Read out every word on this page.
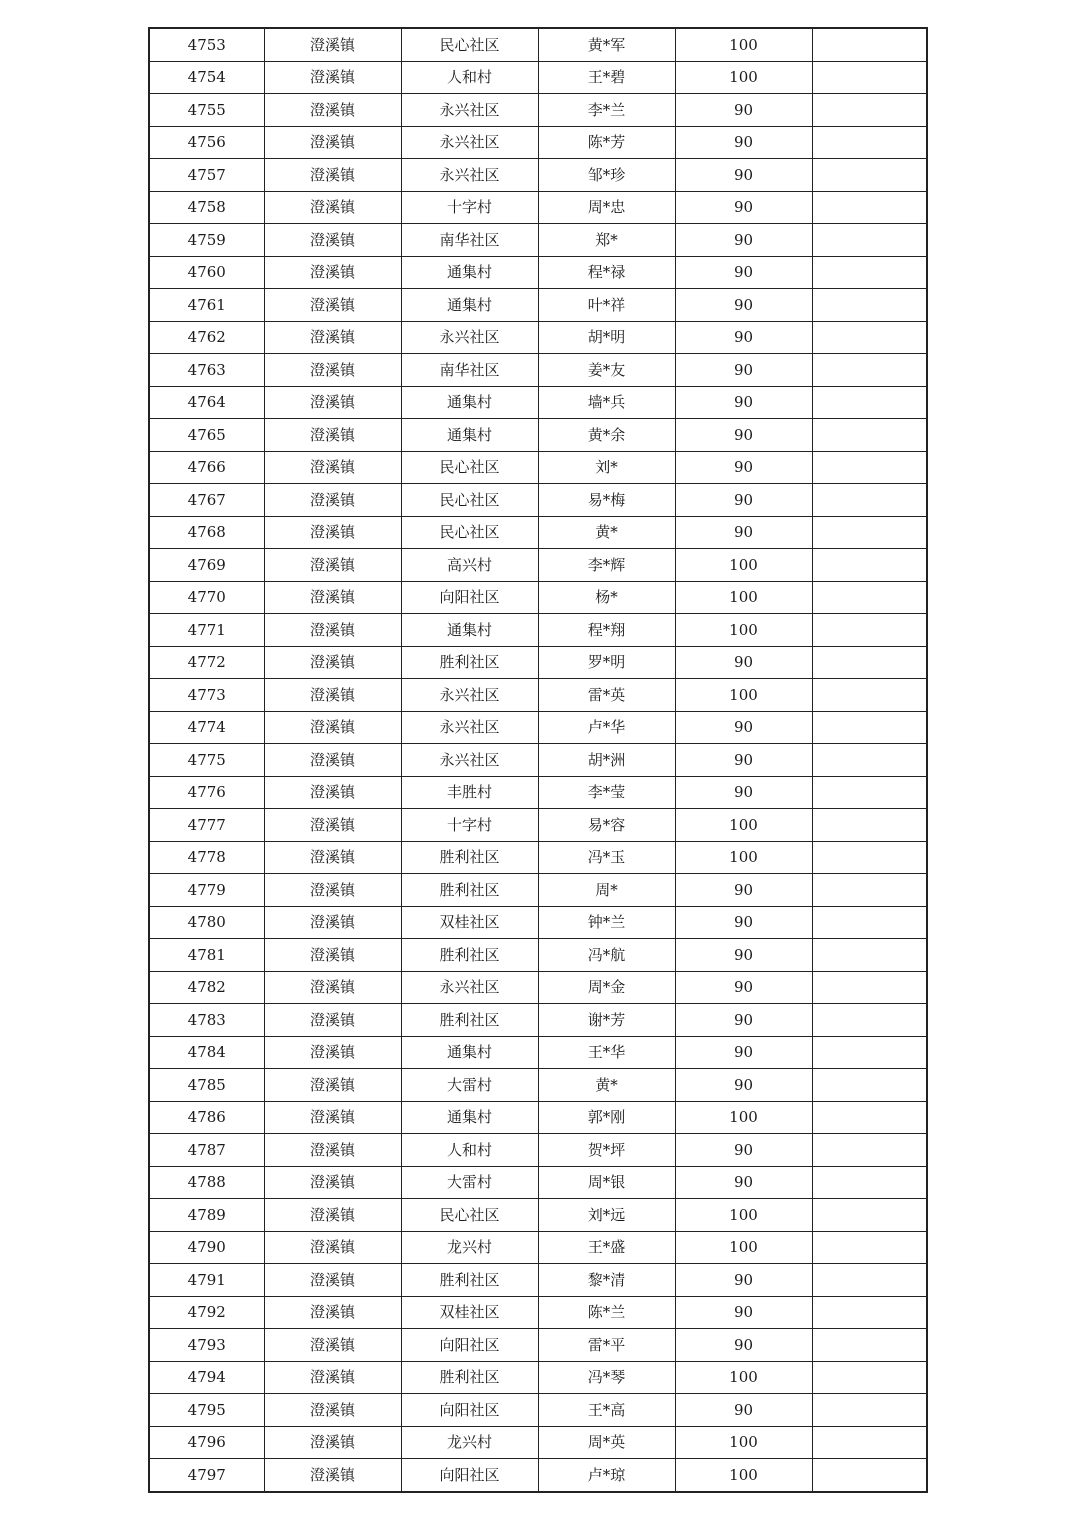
4753	澄溪镇	民心社区	黄*军	100	
4754	澄溪镇	人和村	王*碧	100	
4755	澄溪镇	永兴社区	李*兰	90	
4756	澄溪镇	永兴社区	陈*芳	90	
4757	澄溪镇	永兴社区	邹*珍	90	
4758	澄溪镇	十字村	周*忠	90	
4759	澄溪镇	南华社区	郑*	90	
4760	澄溪镇	通集村	程*禄	90	
4761	澄溪镇	通集村	叶*祥	90	
4762	澄溪镇	永兴社区	胡*明	90	
4763	澄溪镇	南华社区	姜*友	90	
4764	澄溪镇	通集村	墙*兵	90	
4765	澄溪镇	通集村	黄*余	90	
4766	澄溪镇	民心社区	刘*	90	
4767	澄溪镇	民心社区	易*梅	90	
4768	澄溪镇	民心社区	黄*	90	
4769	澄溪镇	高兴村	李*辉	100	
4770	澄溪镇	向阳社区	杨*	100	
4771	澄溪镇	通集村	程*翔	100	
4772	澄溪镇	胜利社区	罗*明	90	
4773	澄溪镇	永兴社区	雷*英	100	
4774	澄溪镇	永兴社区	卢*华	90	
4775	澄溪镇	永兴社区	胡*洲	90	
4776	澄溪镇	丰胜村	李*莹	90	
4777	澄溪镇	十字村	易*容	100	
4778	澄溪镇	胜利社区	冯*玉	100	
4779	澄溪镇	胜利社区	周*	90	
4780	澄溪镇	双桂社区	钟*兰	90	
4781	澄溪镇	胜利社区	冯*航	90	
4782	澄溪镇	永兴社区	周*金	90	
4783	澄溪镇	胜利社区	谢*芳	90	
4784	澄溪镇	通集村	王*华	90	
4785	澄溪镇	大雷村	黄*	90	
4786	澄溪镇	通集村	郭*刚	100	
4787	澄溪镇	人和村	贺*坪	90	
4788	澄溪镇	大雷村	周*银	90	
4789	澄溪镇	民心社区	刘*远	100	
4790	澄溪镇	龙兴村	王*盛	100	
4791	澄溪镇	胜利社区	黎*清	90	
4792	澄溪镇	双桂社区	陈*兰	90	
4793	澄溪镇	向阳社区	雷*平	90	
4794	澄溪镇	胜利社区	冯*琴	100	
4795	澄溪镇	向阳社区	王*高	90	
4796	澄溪镇	龙兴村	周*英	100	
4797	澄溪镇	向阳社区	卢*琼	100	
